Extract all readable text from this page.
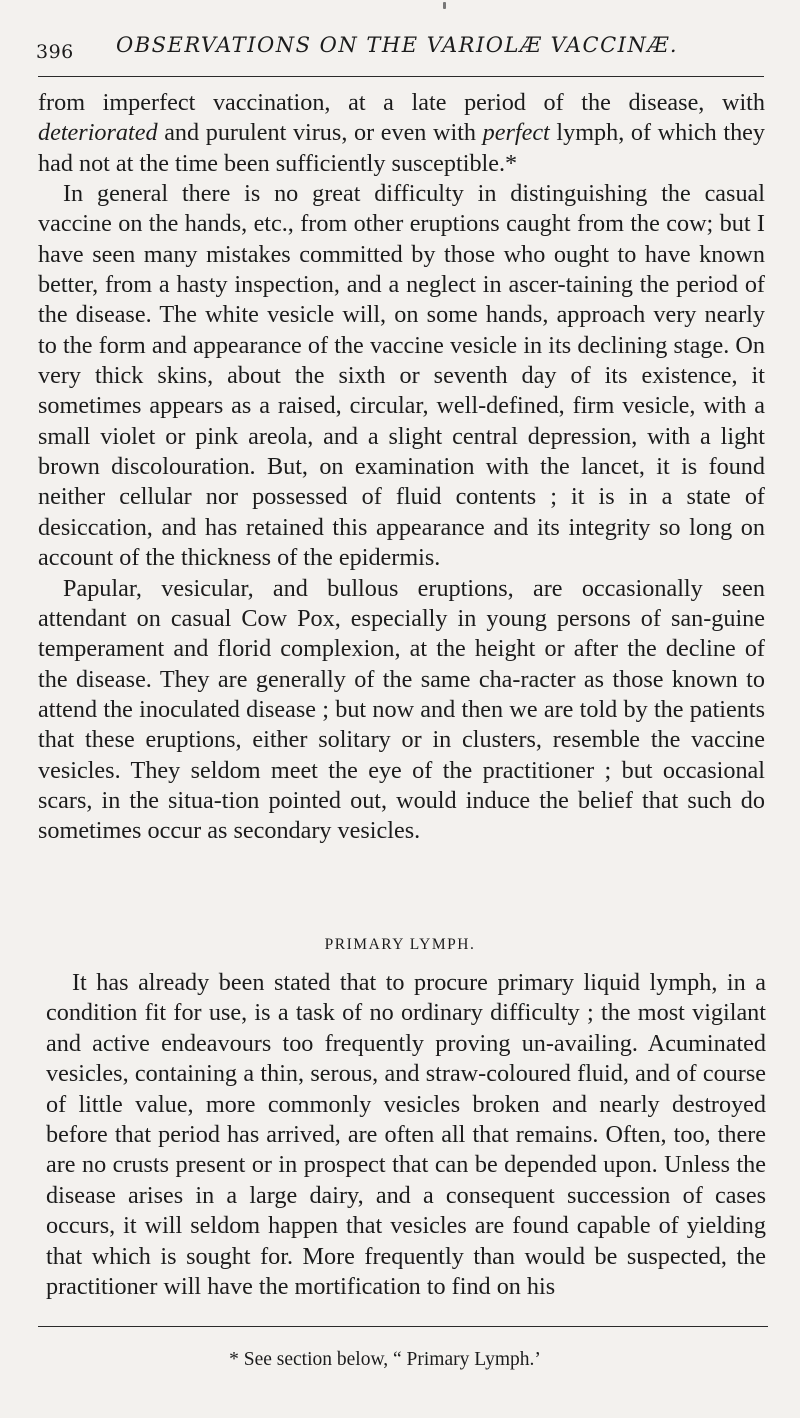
396 OBSERVATIONS ON THE VARIOLÆ VACCINÆ.

from imperfect vaccination, at a late period of the disease, with deteriorated and purulent virus, or even with perfect lymph, of which they had not at the time been sufficiently susceptible.*

In general there is no great difficulty in distinguishing the casual vaccine on the hands, etc., from other eruptions caught from the cow; but I have seen many mistakes committed by those who ought to have known better, from a hasty inspection, and a neglect in ascer-taining the period of the disease. The white vesicle will, on some hands, approach very nearly to the form and appearance of the vaccine vesicle in its declining stage. On very thick skins, about the sixth or seventh day of its existence, it sometimes appears as a raised, circular, well-defined, firm vesicle, with a small violet or pink areola, and a slight central depression, with a light brown discolouration. But, on examination with the lancet, it is found neither cellular nor possessed of fluid contents ; it is in a state of desiccation, and has retained this appearance and its integrity so long on account of the thickness of the epidermis.

Papular, vesicular, and bullous eruptions, are occasionally seen attendant on casual Cow Pox, especially in young persons of san-guine temperament and florid complexion, at the height or after the decline of the disease. They are generally of the same cha-racter as those known to attend the inoculated disease ; but now and then we are told by the patients that these eruptions, either solitary or in clusters, resemble the vaccine vesicles. They seldom meet the eye of the practitioner ; but occasional scars, in the situa-tion pointed out, would induce the belief that such do sometimes occur as secondary vesicles.

PRIMARY LYMPH.

It has already been stated that to procure primary liquid lymph, in a condition fit for use, is a task of no ordinary difficulty ; the most vigilant and active endeavours too frequently proving un-availing. Acuminated vesicles, containing a thin, serous, and straw-coloured fluid, and of course of little value, more commonly vesicles broken and nearly destroyed before that period has arrived, are often all that remains. Often, too, there are no crusts present or in prospect that can be depended upon. Unless the disease arises in a large dairy, and a consequent succession of cases occurs, it will seldom happen that vesicles are found capable of yielding that which is sought for. More frequently than would be suspected, the practitioner will have the mortification to find on his

* See section below, “ Primary Lymph.’
